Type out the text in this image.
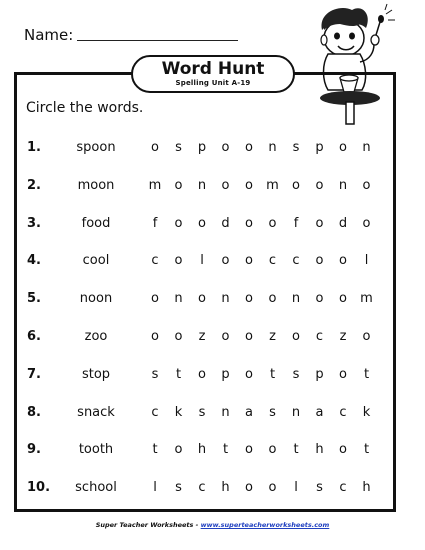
Name:
Word Hunt
Spelling Unit A-19
Circle the words.
1.	spoon	o	s	p	o	o	n	s	p	o	n
2.	moon	m	o	n	o	o	m	o	o	n	o
3.	food	f	o	o	d	o	o	f	o	d	o
4.	cool	c	o	l	o	o	c	c	o	o	l
5.	noon	o	n	o	n	o	o	n	o	o	m
6.	zoo	o	o	z	o	o	z	o	c	z	o
7.	stop	s	t	o	p	o	t	s	p	o	t
8.	snack	c	k	s	n	a	s	n	a	c	k
9.	tooth	t	o	h	t	o	o	t	h	o	t
10.	school	l	s	c	h	o	o	l	s	c	h
Super Teacher Worksheets - www.superteacherworksheets.com
